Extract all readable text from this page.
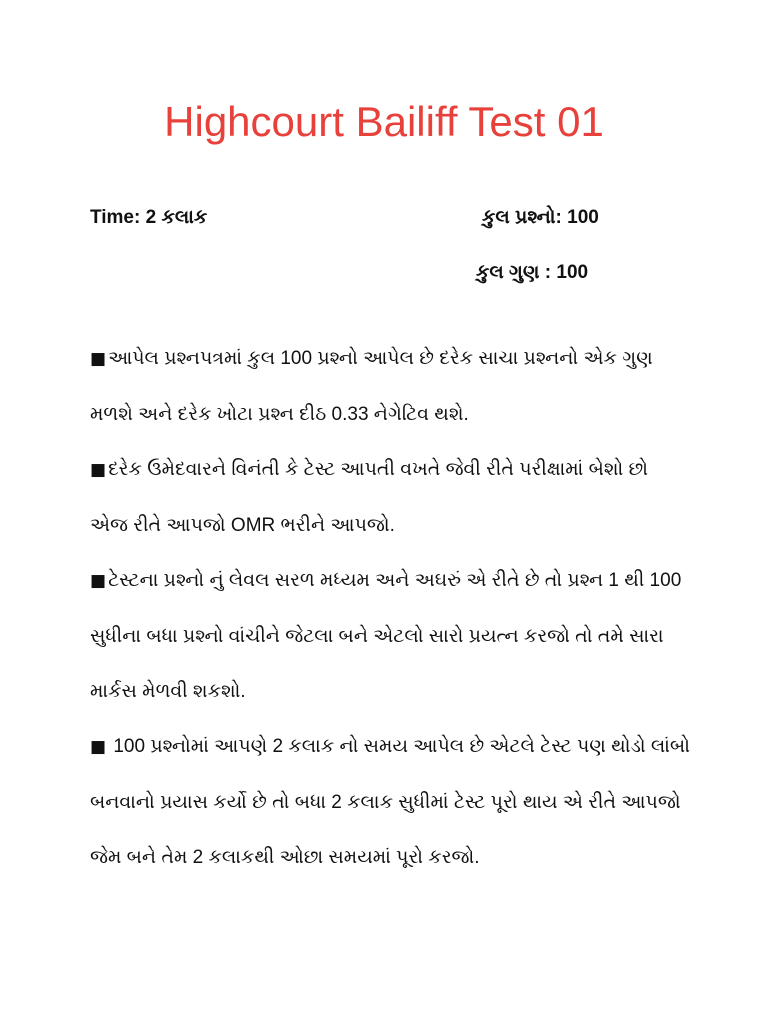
Highcourt Bailiff Test 01
Time: 2 કલાક	કુલ પ્રશ્નો: 100
કુલ ગુણ : 100
■ આપેલ પ્રશ્નપત્રમાં કુલ 100 પ્રશ્નો આપેલ છે દરેક સાચા પ્રશ્નનો એક ગુણ મળશે અને દરેક ખોટા પ્રશ્ન દીઠ 0.33 નેગેટિવ થશે.
■ દરેક ઉમેદવારને વિનંતી કે ટેસ્ટ આપતી વખતે જેવી રીતે પરીક્ષામાં બેશો છો એજ રીતે આપજો OMR ભરીને આપજો.
■ ટેસ્ટના પ્રશ્નો નું લેવલ સરળ મધ્યમ અને અઘરું એ રીતે છે તો પ્રશ્ન 1 થી 100 સુધીના બધા પ્રશ્નો વાંચીને જેટલા બને એટલો સારો પ્રયત્ન કરજો તો તમે સારા માર્કસ મેળવી શકશો.
■ 100 પ્રશ્નોમાં આપણે 2 કલાક નો સમય આપેલ છે એટલે ટેસ્ટ પણ થોડો લાંબો બનવાનો પ્રયાસ કર્યો છે તો બધા 2 કલાક સુધીમાં ટેસ્ટ પૂરો થાય એ રીતે આપજો જેમ બને તેમ 2 કલાકથી ઓછા સમયમાં પૂરો કરજો.
